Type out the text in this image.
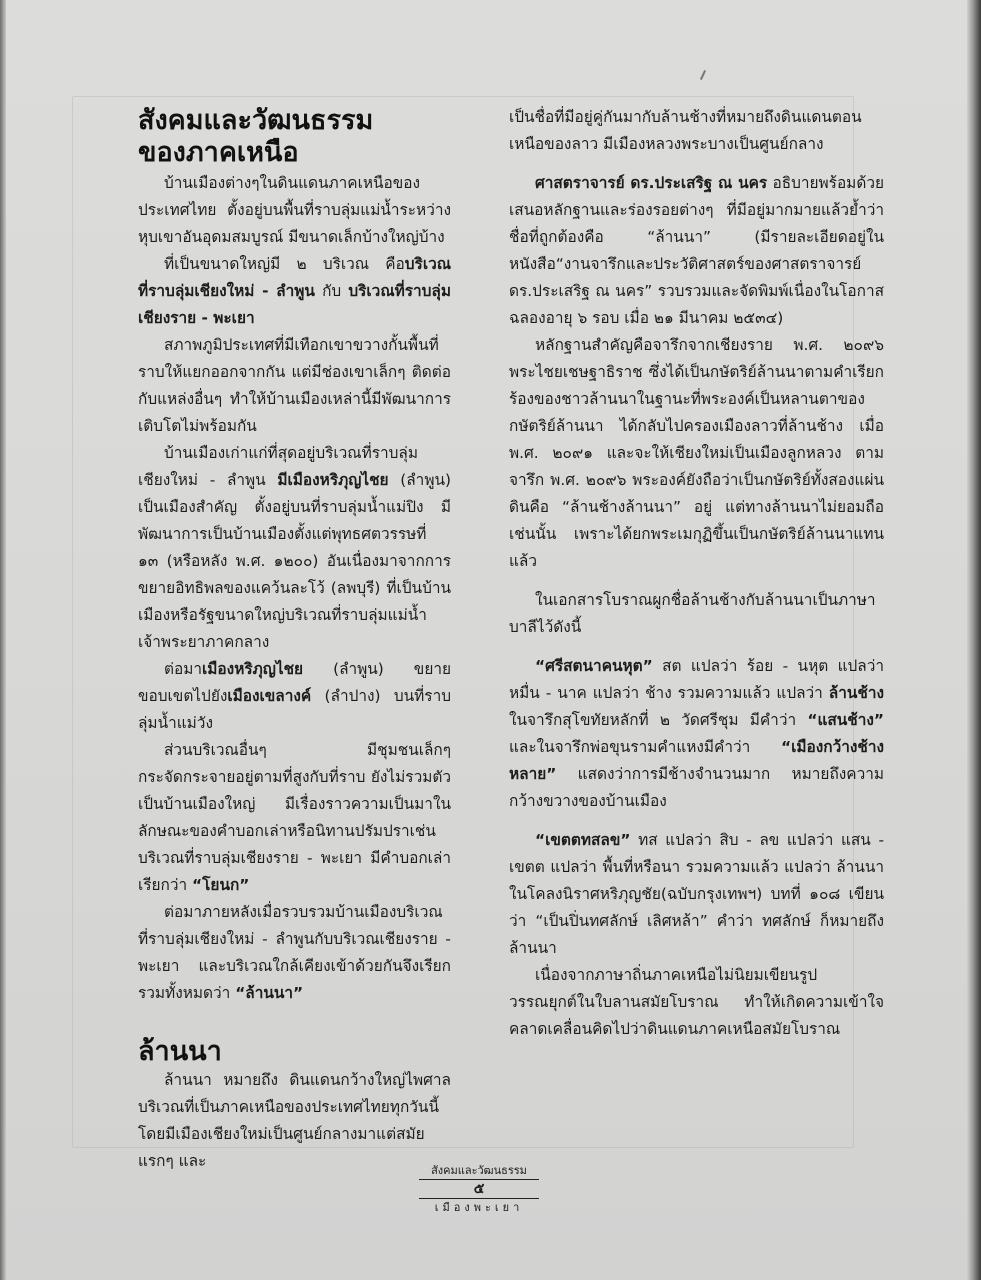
สังคมและวัฒนธรรม
ของภาคเหนือ

บ้านเมืองต่างๆในดินแดนภาคเหนือของประเทศไทย ตั้งอยู่บนพื้นที่ราบลุ่มแม่น้ำระหว่างหุบเขาอันอุดมสมบูรณ์ มีขนาดเล็กบ้างใหญ่บ้าง

ที่เป็นขนาดใหญ่มี ๒ บริเวณ คือบริเวณที่ราบลุ่มเชียงใหม่ - ลำพูน กับ บริเวณที่ราบลุ่มเชียงราย - พะเยา

สภาพภูมิประเทศที่มีเทือกเขาขวางกั้นพื้นที่ราบให้แยกออกจากกัน แต่มีช่องเขาเล็กๆ ติดต่อกับแหล่งอื่นๆ ทำให้บ้านเมืองเหล่านี้มีพัฒนาการเติบโตไม่พร้อมกัน

บ้านเมืองเก่าแก่ที่สุดอยู่บริเวณที่ราบลุ่มเชียงใหม่ - ลำพูน มีเมืองหริภุญไชย (ลำพูน) เป็นเมืองสำคัญ ตั้งอยู่บนที่ราบลุ่มน้ำแม่ปิง มีพัฒนาการเป็นบ้านเมืองตั้งแต่พุทธศตวรรษที่ ๑๓ (หรือหลัง พ.ศ. ๑๒๐๐) อันเนื่องมาจากการขยายอิทธิพลของแคว้นละโว้ (ลพบุรี) ที่เป็นบ้านเมืองหรือรัฐขนาดใหญ่บริเวณที่ราบลุ่มแม่น้ำเจ้าพระยาภาคกลาง

ต่อมาเมืองหริภุญไชย (ลำพูน) ขยายขอบเขตไปยังเมืองเขลางค์ (ลำปาง) บนที่ราบลุ่มน้ำแม่วัง

ส่วนบริเวณอื่นๆ มีชุมชนเล็กๆ กระจัดกระจายอยู่ตามที่สูงกับที่ราบ ยังไม่รวมตัวเป็นบ้านเมืองใหญ่ มีเรื่องราวความเป็นมาในลักษณะของคำบอกเล่าหรือนิทานปรัมปราเช่น บริเวณที่ราบลุ่มเชียงราย - พะเยา มีคำบอกเล่าเรียกว่า “โยนก”

ต่อมาภายหลังเมื่อรวบรวมบ้านเมืองบริเวณที่ราบลุ่มเชียงใหม่ - ลำพูนกับบริเวณเชียงราย - พะเยา และบริเวณใกล้เคียงเข้าด้วยกันจึงเรียกรวมทั้งหมดว่า “ล้านนา”

ล้านนา

ล้านนา หมายถึง ดินแดนกว้างใหญ่ไพศาลบริเวณที่เป็นภาคเหนือของประเทศไทยทุกวันนี้ โดยมีเมืองเชียงใหม่เป็นศูนย์กลางมาแต่สมัยแรกๆ และ

เป็นชื่อที่มีอยู่คู่กันมากับล้านช้างที่หมายถึงดินแดนตอนเหนือของลาว มีเมืองหลวงพระบางเป็นศูนย์กลาง

ศาสตราจารย์ ดร.ประเสริฐ ณ นคร อธิบายพร้อมด้วยเสนอหลักฐานและร่องรอยต่างๆ ที่มีอยู่มากมายแล้วย้ำว่าชื่อที่ถูกต้องคือ “ล้านนา” (มีรายละเอียดอยู่ในหนังสือ“งานจารึกและประวัติศาสตร์ของศาสตราจารย์ ดร.ประเสริฐ ณ นคร” รวบรวมและจัดพิมพ์เนื่องในโอกาสฉลองอายุ ๖ รอบ เมื่อ ๒๑ มีนาคม ๒๕๓๔)

หลักฐานสำคัญคือจารึกจากเชียงราย พ.ศ. ๒๐๙๖ พระไชยเชษฐาธิราช ซึ่งได้เป็นกษัตริย์ล้านนาตามคำเรียกร้องของชาวล้านนาในฐานะที่พระองค์เป็นหลานตาของกษัตริย์ล้านนา ได้กลับไปครองเมืองลาวที่ล้านช้าง เมื่อ พ.ศ. ๒๐๙๑ และจะให้เชียงใหม่เป็นเมืองลูกหลวง ตามจารึก พ.ศ. ๒๐๙๖ พระองค์ยังถือว่าเป็นกษัตริย์ทั้งสองแผ่นดินคือ “ล้านช้างล้านนา” อยู่ แต่ทางล้านนาไม่ยอมถือเช่นนั้น เพราะได้ยกพระเมกุฏิขึ้นเป็นกษัตริย์ล้านนาแทนแล้ว

ในเอกสารโบราณผูกชื่อล้านช้างกับล้านนาเป็นภาษาบาลีไว้ดังนี้

“ศรีสตนาคนหุต” สต แปลว่า ร้อย - นหุต แปลว่า หมื่น - นาค แปลว่า ช้าง รวมความแล้ว แปลว่า ล้านช้าง ในจารึกสุโขทัยหลักที่ ๒ วัดศรีชุม มีคำว่า “แสนช้าง” และในจารึกพ่อขุนรามคำแหงมีคำว่า “เมืองกว้างช้างหลาย” แสดงว่าการมีช้างจำนวนมาก หมายถึงความกว้างขวางของบ้านเมือง

“เขตตทสลข” ทส แปลว่า สิบ - ลข แปลว่า แสน - เขตต แปลว่า พื้นที่หรือนา รวมความแล้ว แปลว่า ล้านนา ในโคลงนิราศหริภุญชัย(ฉบับกรุงเทพฯ) บทที่ ๑๐๘ เขียนว่า “เป็นปิ่นทศลักษ์ เลิศหล้า” คำว่า ทศลักษ์ ก็หมายถึง ล้านนา

เนื่องจากภาษาถิ่นภาคเหนือไม่นิยมเขียนรูปวรรณยุกต์ในใบลานสมัยโบราณ ทำให้เกิดความเข้าใจคลาดเคลื่อนคิดไปว่าดินแดนภาคเหนือสมัยโบราณ

สังคมและวัฒนธรรม
๕
เมืองพะเยา
